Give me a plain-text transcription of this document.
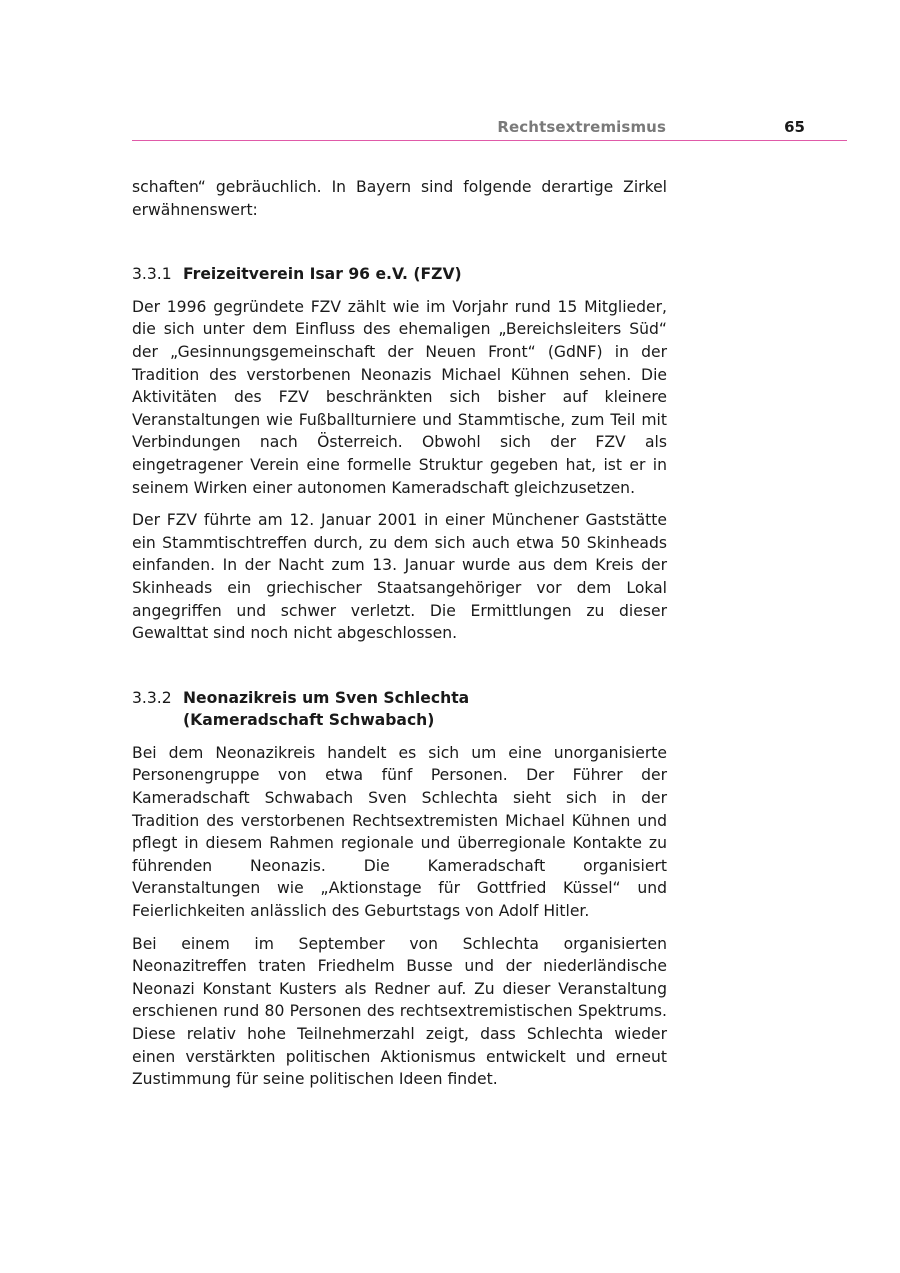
Rechtsextremismus	65

schaften“ gebräuchlich. In Bayern sind folgende derartige Zirkel erwähnenswert:

3.3.1 Freizeitverein Isar 96 e.V. (FZV)

Der 1996 gegründete FZV zählt wie im Vorjahr rund 15 Mitglieder, die sich unter dem Einfluss des ehemaligen „Bereichsleiters Süd“ der „Gesinnungsgemeinschaft der Neuen Front“ (GdNF) in der Tradition des verstorbenen Neonazis Michael Kühnen sehen. Die Aktivitäten des FZV beschränkten sich bisher auf kleinere Veranstaltungen wie Fußballturniere und Stammtische, zum Teil mit Verbindungen nach Österreich. Obwohl sich der FZV als eingetragener Verein eine formelle Struktur gegeben hat, ist er in seinem Wirken einer autonomen Kameradschaft gleichzusetzen.

Der FZV führte am 12. Januar 2001 in einer Münchener Gaststätte ein Stammtischtreffen durch, zu dem sich auch etwa 50 Skinheads einfanden. In der Nacht zum 13. Januar wurde aus dem Kreis der Skinheads ein griechischer Staatsangehöriger vor dem Lokal angegriffen und schwer verletzt. Die Ermittlungen zu dieser Gewalttat sind noch nicht abgeschlossen.

3.3.2 Neonazikreis um Sven Schlechta
(Kameradschaft Schwabach)

Bei dem Neonazikreis handelt es sich um eine unorganisierte Personengruppe von etwa fünf Personen. Der Führer der Kameradschaft Schwabach Sven Schlechta sieht sich in der Tradition des verstorbenen Rechtsextremisten Michael Kühnen und pflegt in diesem Rahmen regionale und überregionale Kontakte zu führenden Neonazis. Die Kameradschaft organisiert Veranstaltungen wie „Aktionstage für Gottfried Küssel“ und Feierlichkeiten anlässlich des Geburtstags von Adolf Hitler.

Bei einem im September von Schlechta organisierten Neonazitreffen traten Friedhelm Busse und der niederländische Neonazi Konstant Kusters als Redner auf. Zu dieser Veranstaltung erschienen rund 80 Personen des rechtsextremistischen Spektrums. Diese relativ hohe Teilnehmerzahl zeigt, dass Schlechta wieder einen verstärkten politischen Aktionismus entwickelt und erneut Zustimmung für seine politischen Ideen findet.
